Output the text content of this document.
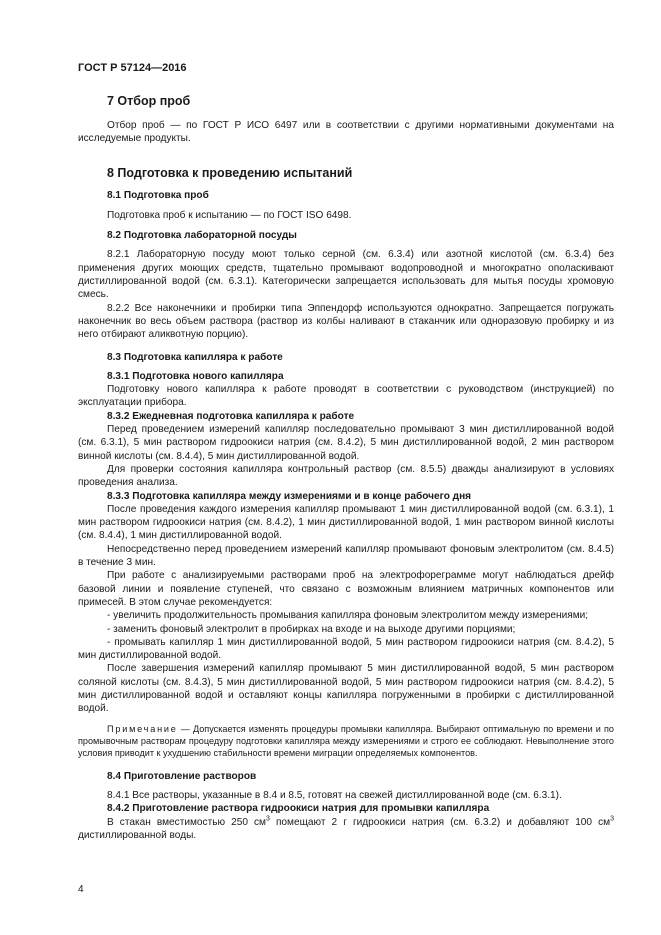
ГОСТ Р 57124—2016
7 Отбор проб

Отбор проб — по ГОСТ Р ИСО 6497 или в соответствии с другими нормативными документами на исследуемые продукты.

8 Подготовка к проведению испытаний
8.1 Подготовка проб

Подготовка проб к испытанию — по ГОСТ ISO 6498.

8.2 Подготовка лабораторной посуды

8.2.1 Лабораторную посуду моют только серной (см. 6.3.4) или азотной кислотой (см. 6.3.4) без применения других моющих средств, тщательно промывают водопроводной и многократно ополаскивают дистиллированной водой (см. 6.3.1). Категорически запрещается использовать для мытья посуды хромовую смесь.

8.2.2 Все наконечники и пробирки типа Эппендорф используются однократно. Запрещается погружать наконечник во весь объем раствора (раствор из колбы наливают в стаканчик или одноразовую пробирку и из него отбирают аликвотную порцию).

8.3 Подготовка капилляра к работе
8.3.1 Подготовка нового капилляра

Подготовку нового капилляра к работе проводят в соответствии с руководством (инструкцией) по эксплуатации прибора.

8.3.2 Ежедневная подготовка капилляра к работе

Перед проведением измерений капилляр последовательно промывают 3 мин дистиллированной водой (см. 6.3.1), 5 мин раствором гидроокиси натрия (см. 8.4.2), 5 мин дистиллированной водой, 2 мин раствором винной кислоты (см. 8.4.4), 5 мин дистиллированной водой.

Для проверки состояния капилляра контрольный раствор (см. 8.5.5) дважды анализируют в условиях проведения анализа.

8.3.3 Подготовка капилляра между измерениями и в конце рабочего дня

После проведения каждого измерения капилляр промывают 1 мин дистиллированной водой (см. 6.3.1), 1 мин раствором гидроокиси натрия (см. 8.4.2), 1 мин дистиллированной водой, 1 мин раствором винной кислоты (см. 8.4.4), 1 мин дистиллированной водой.

Непосредственно перед проведением измерений капилляр промывают фоновым электролитом (см. 8.4.5) в течение 3 мин.

При работе с анализируемыми растворами проб на электрофореграмме могут наблюдаться дрейф базовой линии и появление ступеней, что связано с возможным влиянием матричных компонентов или примесей. В этом случае рекомендуется:

- увеличить продолжительность промывания капилляра фоновым электролитом между измерениями;

- заменить фоновый электролит в пробирках на входе и на выходе другими порциями;

- промывать капилляр 1 мин дистиллированной водой, 5 мин раствором гидроокиси натрия (см. 8.4.2), 5 мин дистиллированной водой.

После завершения измерений капилляр промывают 5 мин дистиллированной водой, 5 мин раствором соляной кислоты (см. 8.4.3), 5 мин дистиллированной водой, 5 мин раствором гидроокиси натрия (см. 8.4.2), 5 мин дистиллированной водой и оставляют концы капилляра погруженными в пробирки с дистиллированной водой.

Примечание — Допускается изменять процедуры промывки капилляра. Выбирают оптимальную по времени и по промывочным растворам процедуру подготовки капилляра между измерениями и строго ее соблюдают. Невыполнение этого условия приводит к ухудшению стабильности времени миграции определяемых компонентов.

8.4 Приготовление растворов

8.4.1 Все растворы, указанные в 8.4 и 8.5, готовят на свежей дистиллированной воде (см. 6.3.1).

8.4.2 Приготовление раствора гидроокиси натрия для промывки капилляра

В стакан вместимостью 250 $см^3$ помещают 2 г гидроокиси натрия (см. 6.3.2) и добавляют 100 $см^3$ дистиллированной воды.

4
